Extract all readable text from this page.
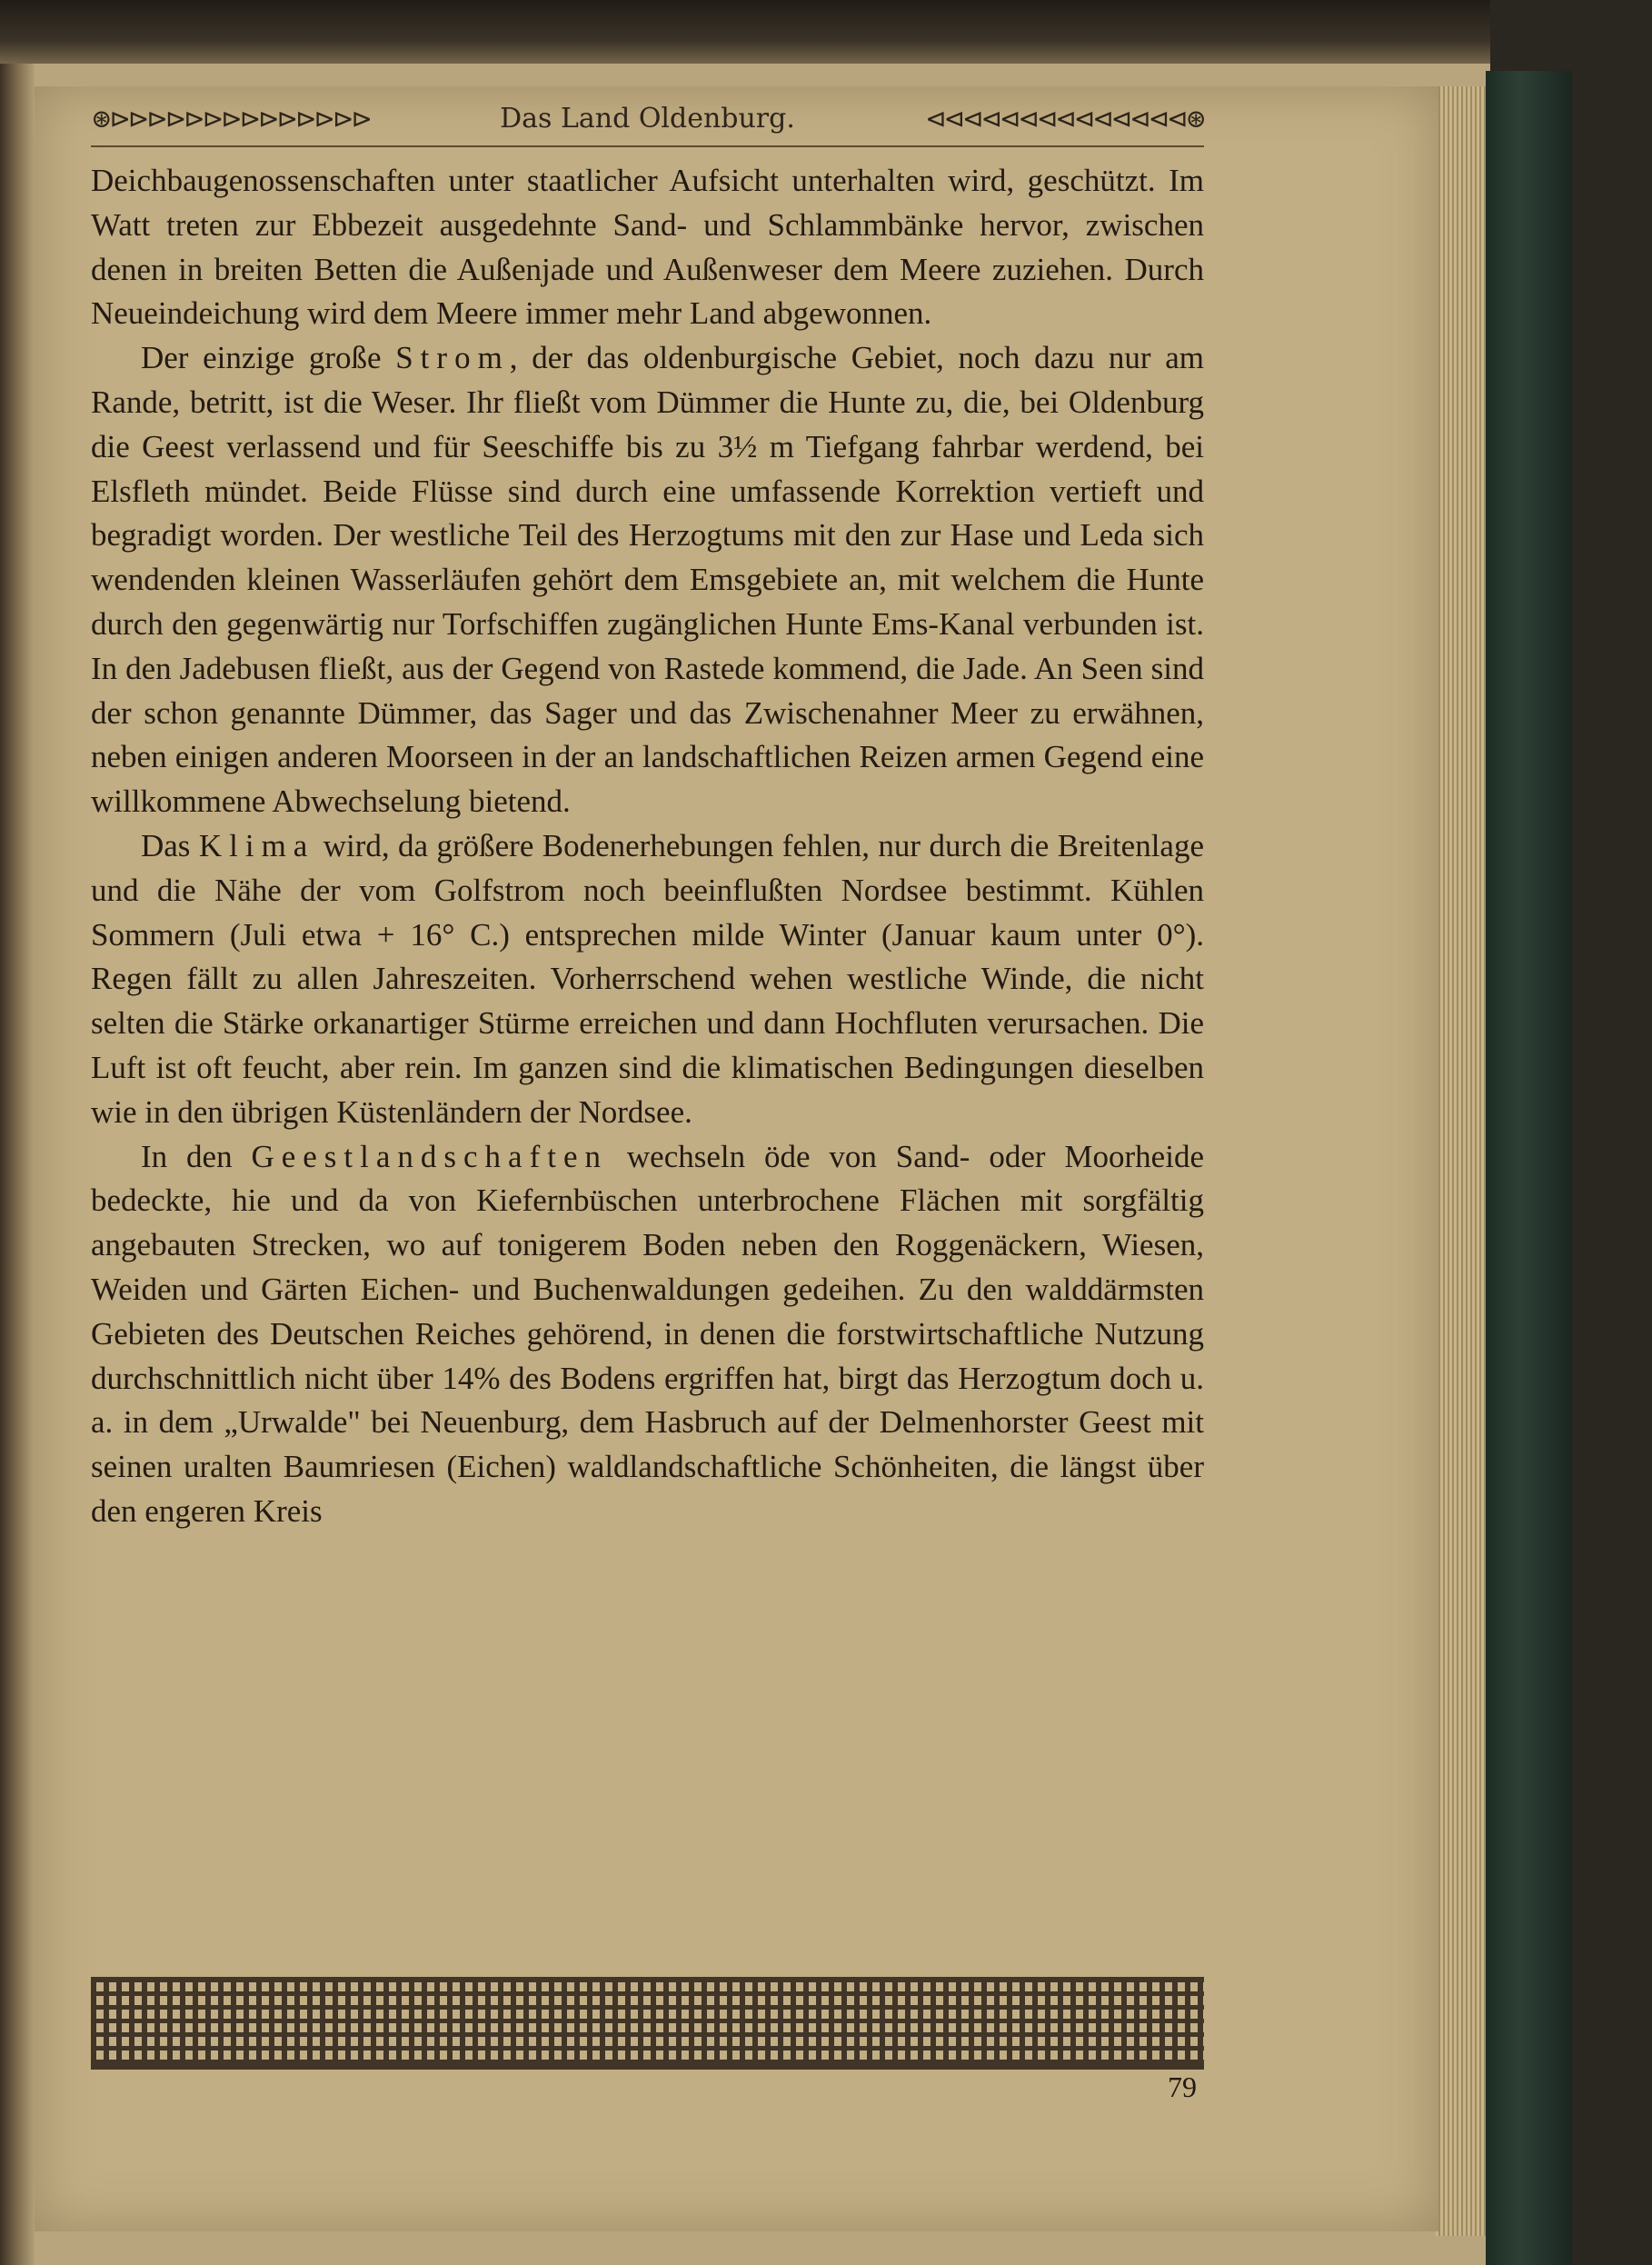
⊛⊳⊳⊳⊳⊳⊳⊳⊳⊳⊳⊳⊳⊳⊳	Das Land Oldenburg.	⊲⊲⊲⊲⊲⊲⊲⊲⊲⊲⊲⊲⊲⊲⊛

Deichbaugenossenschaften unter staatlicher Aufsicht unterhalten wird, geschützt. Im Watt treten zur Ebbezeit ausgedehnte Sand- und Schlammbänke hervor, zwischen denen in breiten Betten die Außenjade und Außenweser dem Meere zuziehen. Durch Neueindeichung wird dem Meere immer mehr Land abgewonnen.

Der einzige große Strom, der das oldenburgische Gebiet, noch dazu nur am Rande, betritt, ist die Weser. Ihr fließt vom Dümmer die Hunte zu, die, bei Oldenburg die Geest verlassend und für Seeschiffe bis zu 3½ m Tiefgang fahrbar werdend, bei Elsfleth mündet. Beide Flüsse sind durch eine umfassende Korrektion vertieft und begradigt worden. Der westliche Teil des Herzogtums mit den zur Hase und Leda sich wendenden kleinen Wasserläufen gehört dem Emsgebiete an, mit welchem die Hunte durch den gegenwärtig nur Torfschiffen zugänglichen Hunte Ems-Kanal verbunden ist. In den Jadebusen fließt, aus der Gegend von Rastede kommend, die Jade. An Seen sind der schon genannte Dümmer, das Sager und das Zwischenahner Meer zu erwähnen, neben einigen anderen Moorseen in der an landschaftlichen Reizen armen Gegend eine willkommene Abwechselung bietend.

Das Klima wird, da größere Bodenerhebungen fehlen, nur durch die Breitenlage und die Nähe der vom Golfstrom noch beeinflußten Nordsee bestimmt. Kühlen Sommern (Juli etwa + 16° C.) entsprechen milde Winter (Januar kaum unter 0°). Regen fällt zu allen Jahreszeiten. Vorherrschend wehen westliche Winde, die nicht selten die Stärke orkanartiger Stürme erreichen und dann Hochfluten verursachen. Die Luft ist oft feucht, aber rein. Im ganzen sind die klimatischen Bedingungen dieselben wie in den übrigen Küstenländern der Nordsee.

In den Geestlandschaften wechseln öde von Sand- oder Moorheide bedeckte, hie und da von Kiefernbüschen unterbrochene Flächen mit sorgfältig angebauten Strecken, wo auf tonigerem Boden neben den Roggenäckern, Wiesen, Weiden und Gärten Eichen- und Buchenwaldungen gedeihen. Zu den walddärmsten Gebieten des Deutschen Reiches gehörend, in denen die forstwirtschaftliche Nutzung durchschnittlich nicht über 14% des Bodens ergriffen hat, birgt das Herzogtum doch u. a. in dem „Urwalde" bei Neuenburg, dem Hasbruch auf der Delmenhorster Geest mit seinen uralten Baumriesen (Eichen) waldlandschaftliche Schönheiten, die längst über den engeren Kreis

79
